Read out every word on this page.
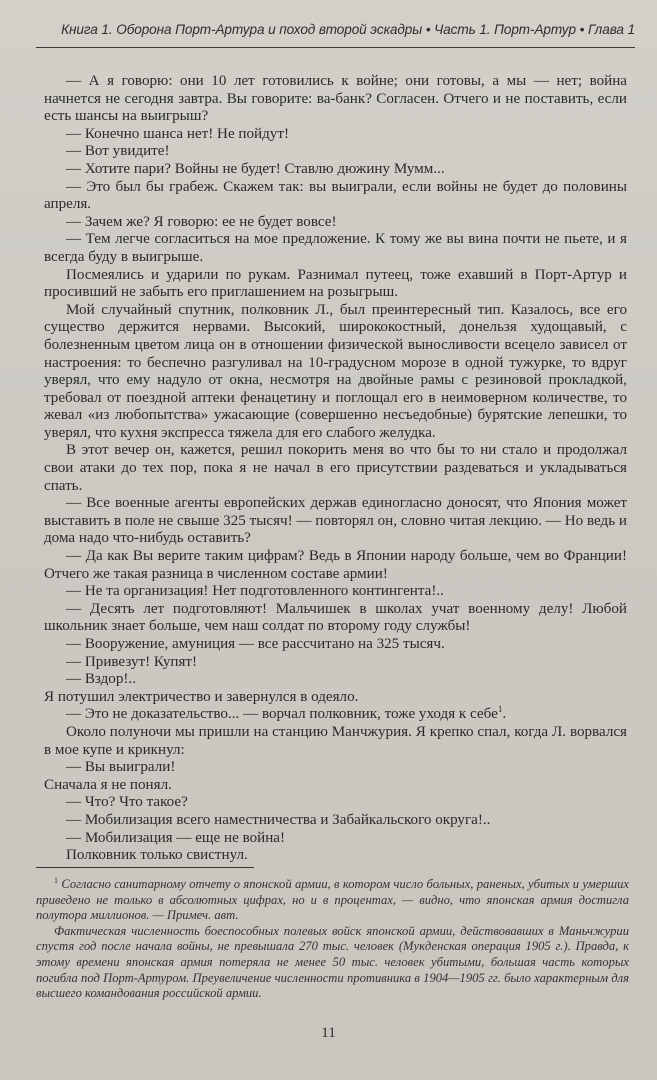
Книга 1. Оборона Порт-Артура и поход второй эскадры • Часть 1. Порт-Артур • Глава 1

— А я говорю: они 10 лет готовились к войне; они готовы, а мы — нет; война начнется не сегодня завтра. Вы говорите: ва-банк? Согласен. Отчего и не поставить, если есть шансы на выигрыш?

— Конечно шанса нет! Не пойдут!

— Вот увидите!

— Хотите пари? Войны не будет! Ставлю дюжину Мумм...

— Это был бы грабеж. Скажем так: вы выиграли, если войны не будет до половины апреля.

— Зачем же? Я говорю: ее не будет вовсе!

— Тем легче согласиться на мое предложение. К тому же вы вина почти не пьете, и я всегда буду в выигрыше.

Посмеялись и ударили по рукам. Разнимал путеец, тоже ехавший в Порт-Артур и просивший не забыть его приглашением на розыгрыш.

Мой случайный спутник, полковник Л., был преинтересный тип. Казалось, все его существо держится нервами. Высокий, ширококостный, донельзя худощавый, с болезненным цветом лица он в отношении физической выносливости всецело зависел от настроения: то беспечно разгуливал на 10-градусном морозе в одной тужурке, то вдруг уверял, что ему надуло от окна, несмотря на двойные рамы с резиновой прокладкой, требовал от поездной аптеки фенацетину и поглощал его в неимоверном количестве, то жевал «из любопытства» ужасающие (совершенно несъедобные) бурятские лепешки, то уверял, что кухня экспресса тяжела для его слабого желудка.

В этот вечер он, кажется, решил покорить меня во что бы то ни стало и продолжал свои атаки до тех пор, пока я не начал в его присутствии раздеваться и укладываться спать.

— Все военные агенты европейских держав единогласно доносят, что Япония может выставить в поле не свыше 325 тысяч! — повторял он, словно читая лекцию. — Но ведь и дома надо что-нибудь оставить?

— Да как Вы верите таким цифрам? Ведь в Японии народу больше, чем во Франции! Отчего же такая разница в численном составе армии!

— Не та организация! Нет подготовленного контингента!..

— Десять лет подготовляют! Мальчишек в школах учат военному делу! Любой школьник знает больше, чем наш солдат по второму году службы!

— Вооружение, амуниция — все рассчитано на 325 тысяч.

— Привезут! Купят!

— Вздор!..

Я потушил электричество и завернулся в одеяло.

— Это не доказательство... — ворчал полковник, тоже уходя к себе$^1$.

Около полуночи мы пришли на станцию Манчжурия. Я крепко спал, когда Л. ворвался в мое купе и крикнул:

— Вы выиграли!

Сначала я не понял.

— Что? Что такое?

— Мобилизация всего наместничества и Забайкальского округа!..

— Мобилизация — еще не война!

Полковник только свистнул.

$^1$ Согласно санитарному отчету о японской армии, в котором число больных, раненых, убитых и умерших приведено не только в абсолютных цифрах, но и в процентах, — видно, что японская армия достигла полутора миллионов. — Примеч. авт.

Фактическая численность боеспособных полевых войск японской армии, действовавших в Маньчжурии спустя год после начала войны, не превышала 270 тыс. человек (Мукденская операция 1905 г.). Правда, к этому времени японская армия потеряла не менее 50 тыс. человек убитыми, большая часть которых погибла под Порт-Артуром. Преувеличение численности противника в 1904—1905 гг. было характерным для высшего командования российской армии.

11
